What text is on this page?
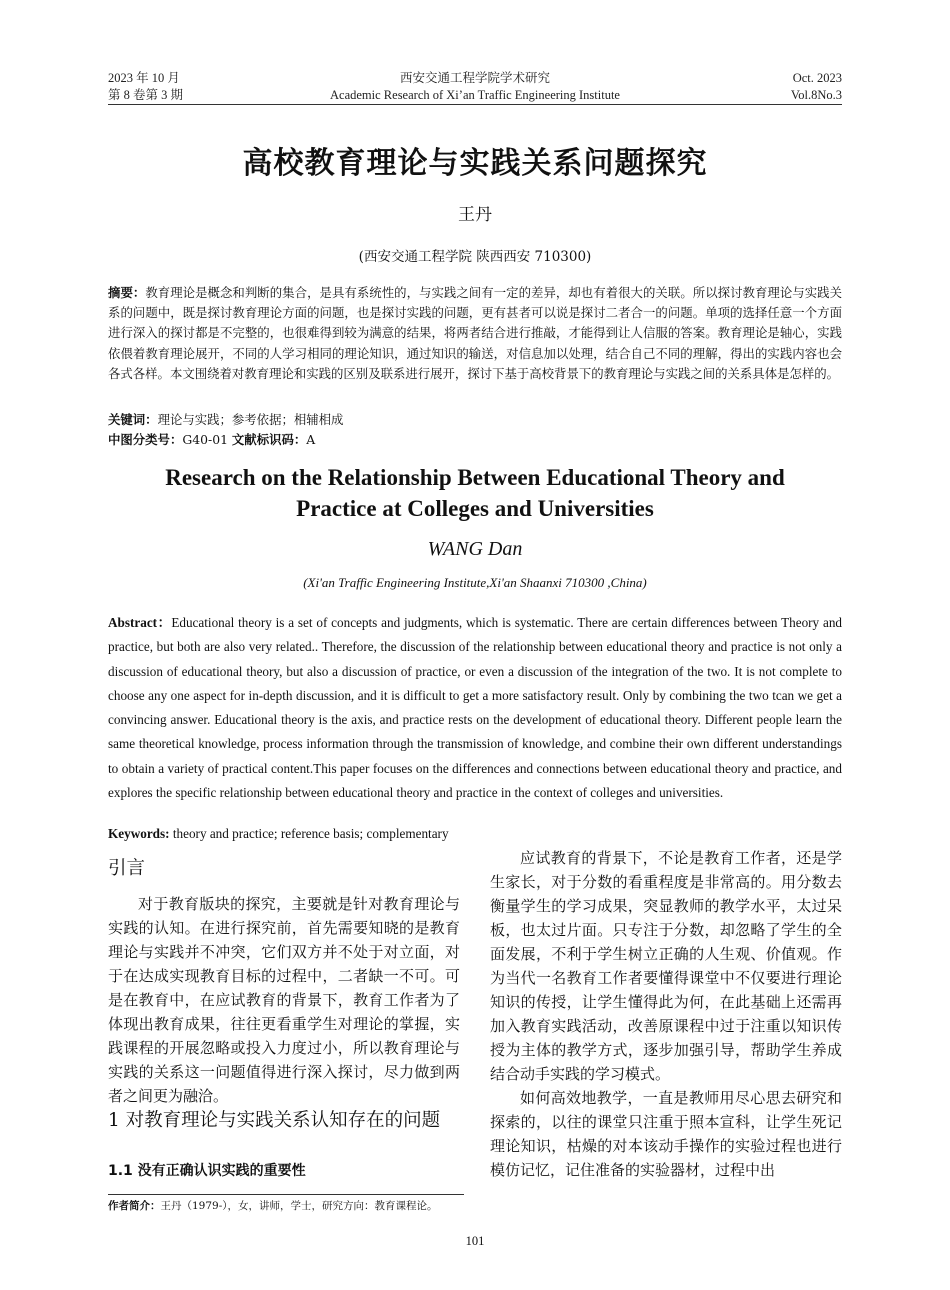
2023 年 10 月
第 8 卷第 3 期
西安交通工程学院学术研究
Academic Research of Xi’an Traffic Engineering Institute
Oct. 2023
Vol.8No.3
高校教育理论与实践关系问题探究
王丹
(西安交通工程学院 陕西西安 710300)
摘要：教育理论是概念和判断的集合，是具有系统性的，与实践之间有一定的差异，却也有着很大的关联。所以探讨教育理论与实践关系的问题中，既是探讨教育理论方面的问题，也是探讨实践的问题，更有甚者可以说是探讨二者合一的问题。单项的选择任意一个方面进行深入的探讨都是不完整的，也很难得到较为满意的结果，将两者结合进行推敲，才能得到让人信服的答案。教育理论是轴心，实践依偎着教育理论展开，不同的人学习相同的理论知识，通过知识的输送，对信息加以处理，结合自己不同的理解，得出的实践内容也会各式各样。本文围绕着对教育理论和实践的区别及联系进行展开，探讨下基于高校背景下的教育理论与实践之间的关系具体是怎样的。
关键词：理论与实践；参考依据；相辅相成
中图分类号：G40-01 文献标识码：A
Research on the Relationship Between Educational Theory and
Practice at Colleges and Universities
WANG Dan
(Xi'an Traffic Engineering Institute,Xi'an Shaanxi 710300 ,China)
Abstract：Educational theory is a set of concepts and judgments, which is systematic. There are certain differences between Theory and practice, but both are also very related.. Therefore, the discussion of the relationship between educational theory and practice is not only a discussion of educational theory, but also a discussion of practice, or even a discussion of the integration of the two. It is not complete to choose any one aspect for in-depth discussion, and it is difficult to get a more satisfactory result. Only by combining the two tcan we get a convincing answer. Educational theory is the axis, and practice rests on the development of educational theory. Different people learn the same theoretical knowledge, process information through the transmission of knowledge, and combine their own different understandings to obtain a variety of practical content.This paper focuses on the differences and connections between educational theory and practice, and explores the specific relationship between educational theory and practice in the context of colleges and universities.
Keywords: theory and practice; reference basis; complementary
引言

对于教育版块的探究，主要就是针对教育理论与实践的认知。在进行探究前，首先需要知晓的是教育理论与实践并不冲突，它们双方并不处于对立面，对于在达成实现教育目标的过程中，二者缺一不可。可是在教育中，在应试教育的背景下，教育工作者为了体现出教育成果，往往更看重学生对理论的掌握，实践课程的开展忽略或投入力度过小，所以教育理论与实践的关系这一问题值得进行深入探讨，尽力做到两者之间更为融洽。

1 对教育理论与实践关系认知存在的问题
1.1 没有正确认识实践的重要性

应试教育的背景下，不论是教育工作者，还是学生家长，对于分数的看重程度是非常高的。用分数去衡量学生的学习成果，突显教师的教学水平，太过呆板，也太过片面。只专注于分数，却忽略了学生的全面发展，不利于学生树立正确的人生观、价值观。作为当代一名教育工作者要懂得课堂中不仅要进行理论知识的传授，让学生懂得此为何，在此基础上还需再加入教育实践活动，改善原课程中过于注重以知识传授为主体的教学方式，逐步加强引导，帮助学生养成结合动手实践的学习模式。

如何高效地教学，一直是教师用尽心思去研究和探索的，以往的课堂只注重于照本宣科，让学生死记理论知识，枯燥的对本该动手操作的实验过程也进行模仿记忆，记住准备的实验器材，过程中出

作者简介：王丹（1979-），女，讲师，学士，研究方向：教育课程论。
101
